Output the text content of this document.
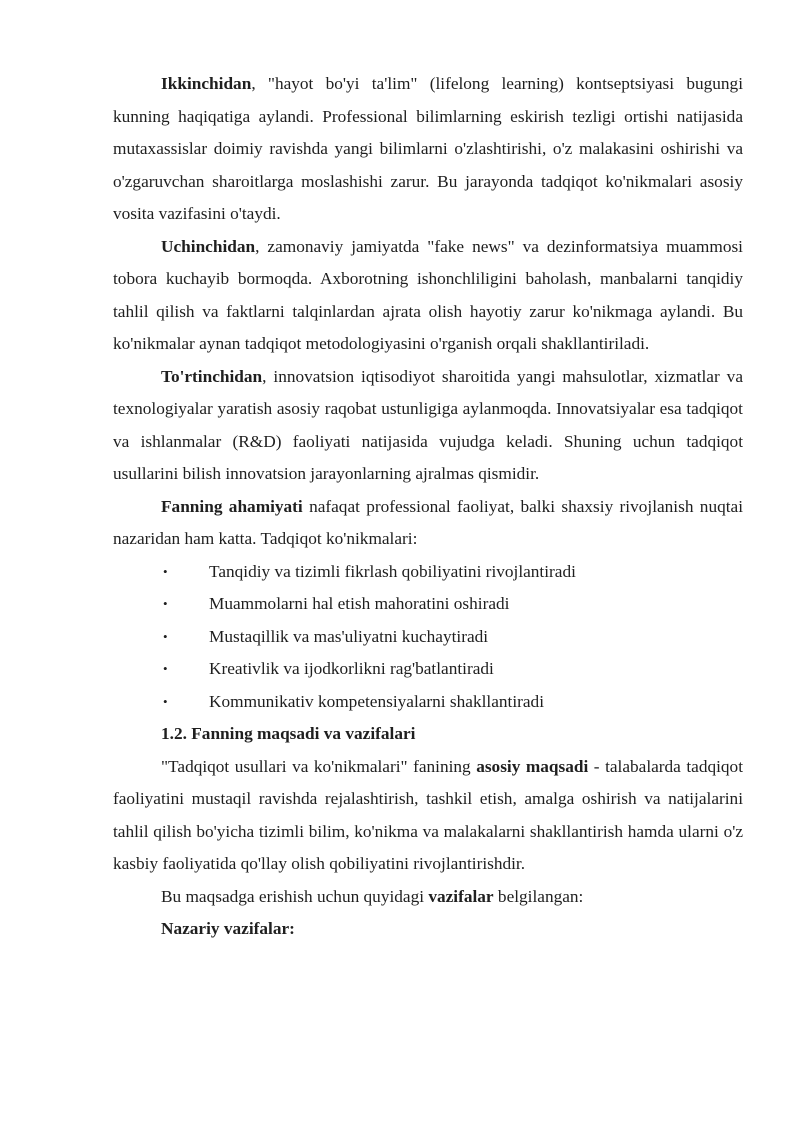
Ikkinchidan, "hayot bo'yi ta'lim" (lifelong learning) kontseptsiyasi bugungi kunning haqiqatiga aylandi. Professional bilimlarning eskirish tezligi ortishi natijasida mutaxassislar doimiy ravishda yangi bilimlarni o'zlashtirishi, o'z malakasini oshirishi va o'zgaruvchan sharoitlarga moslashishi zarur. Bu jarayonda tadqiqot ko'nikmalari asosiy vosita vazifasini o'taydi.

Uchinchidan, zamonaviy jamiyatda "fake news" va dezinformatsiya muammosi tobora kuchayib bormoqda. Axborotning ishonchliligini baholash, manbalarni tanqidiy tahlil qilish va faktlarni talqinlardan ajrata olish hayotiy zarur ko'nikmaga aylandi. Bu ko'nikmalar aynan tadqiqot metodologiyasini o'rganish orqali shakllantiriladi.

To'rtinchidan, innovatsion iqtisodiyot sharoitida yangi mahsulotlar, xizmatlar va texnologiyalar yaratish asosiy raqobat ustunligiga aylanmoqda. Innovatsiyalar esa tadqiqot va ishlanmalar (R&D) faoliyati natijasida vujudga keladi. Shuning uchun tadqiqot usullarini bilish innovatsion jarayonlarning ajralmas qismidir.

Fanning ahamiyati nafaqat professional faoliyat, balki shaxsiy rivojlanish nuqtai nazaridan ham katta. Tadqiqot ko'nikmalari:

• Tanqidiy va tizimli fikrlash qobiliyatini rivojlantiradi
• Muammolarni hal etish mahoratini oshiradi
• Mustaqillik va mas'uliyatni kuchaytiradi
• Kreativlik va ijodkorlikni rag'batlantiradi
• Kommunikativ kompetensiyalarni shakllantiradi

1.2. Fanning maqsadi va vazifalari

"Tadqiqot usullari va ko'nikmalari" fanining asosiy maqsadi - talabalarda tadqiqot faoliyatini mustaqil ravishda rejalashtirish, tashkil etish, amalga oshirish va natijalarini tahlil qilish bo'yicha tizimli bilim, ko'nikma va malakalarni shakllantirish hamda ularni o'z kasbiy faoliyatida qo'llay olish qobiliyatini rivojlantirishdir.

Bu maqsadga erishish uchun quyidagi vazifalar belgilangan:

Nazariy vazifalar:
